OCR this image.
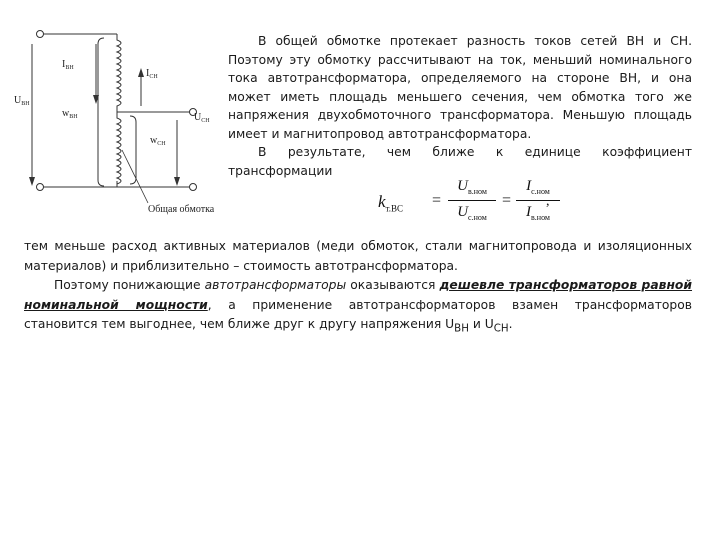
$I_{ВН}$	$I_{СН}$
$U_{ВН}$
$w_{ВН}$	$U_{СН}$
$w_{СН}$
Общая обмотка
В общей обмотке протекает разность токов сетей ВН и СН.
Поэтому эту обмотку рассчитывают на ток, меньший номинального
тока автотрансформатора, определяемого на стороне ВН, и она
может иметь площадь меньшего сечения, чем обмотка того же
напряжения двухобмоточного трансформатора. Меньшую площадь
имеет и магнитопровод автотрансформатора.
В результате, чем ближе к единице коэффициент
трансформации
$k_{т.ВС}$ =
$U_{в.ном}$
$U_{с.ном}$
=
$I_{с.ном}$
$I_{в.ном}$
,
тем меньше расход активных материалов (меди обмоток, стали магнитопровода и изоляционных материалов) и приблизительно – стоимость автотрансформатора.
Поэтому понижающие автотрансформаторы оказываются дешевле трансформаторов равной номинальной мощности, а применение автотрансформаторов взамен трансформаторов становится тем выгоднее, чем ближе друг к другу напряжения $U_{ВН}$ и $U_{СН}$.
